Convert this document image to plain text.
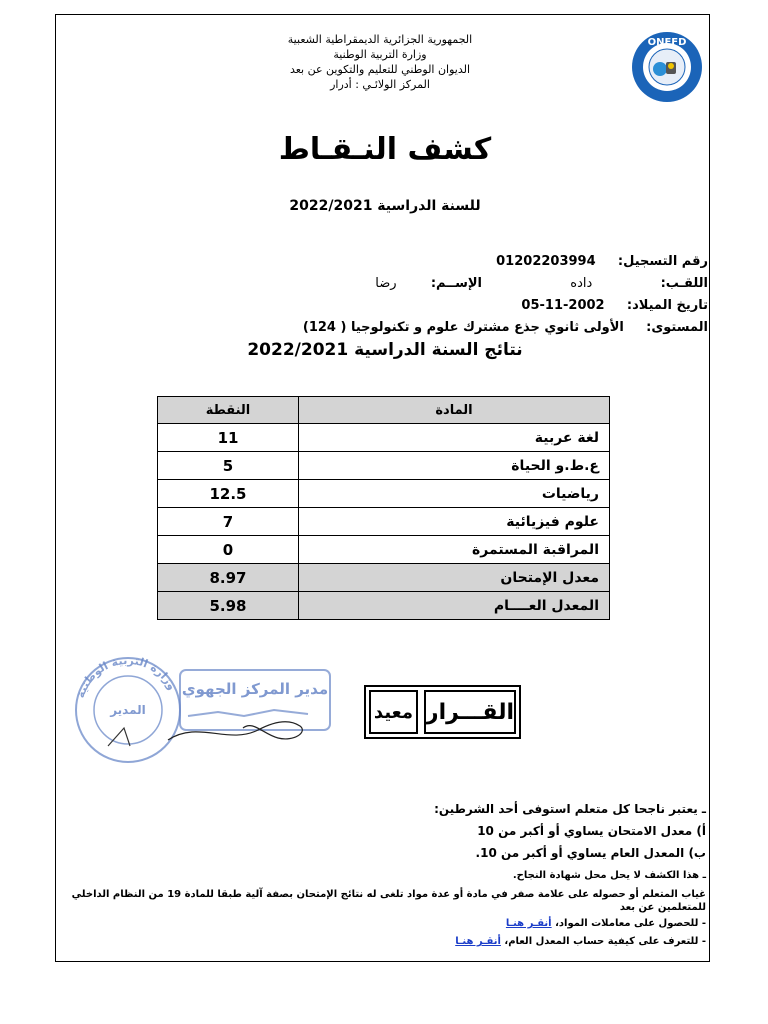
الجمهورية الجزائرية الديمقراطية الشعبية
وزارة التربية الوطنية
الديوان الوطني للتعليم والتكوين عن بعد
المركز الولائـي : أدرار
ONEFD
كشف النـقـاط
للسنة الدراسية 2022/2021
رقم التسجيل:  01202203994
اللقـب:  داده  الإســم:  رضا
تاريخ الميلاد:  2002-11-05
المستوى:  الأولى ثانوي جذع مشترك علوم و تكنولوجيا ( 124)
نتائج السنة الدراسية 2022/2021
المادة	النقطة
لغة عربية	11
ع.ط.و الحياة	5
رياضيات	12.5
علوم فيزيائية	7
المراقبة المستمرة	0
معدل الإمتحان	8.97
المعدل العــــام	5.98
وزارة التربية الوطنية
المدير
مدير المركز الجهوي
القـــرار
معيد
ـ يعتبر ناجحا كل متعلم استوفى أحد الشرطين:
أ) معدل الامتحان يساوي أو أكبر من 10
ب) المعدل العام يساوي أو أكبر من 10.
ـ هذا الكشف لا يحل محل شهادة النجاح.
غياب المتعلم أو حصوله على علامة صفر في مادة أو عدة مواد تلغى له نتائج الإمتحان بصفة آلية طبقا للمادة 19 من النظام الداخلي للمتعلمين عن بعد
- للحصول على معاملات المواد، أنقـر هنـا
- للتعرف على كيفية حساب المعدل العام، أنقـر هنـا
